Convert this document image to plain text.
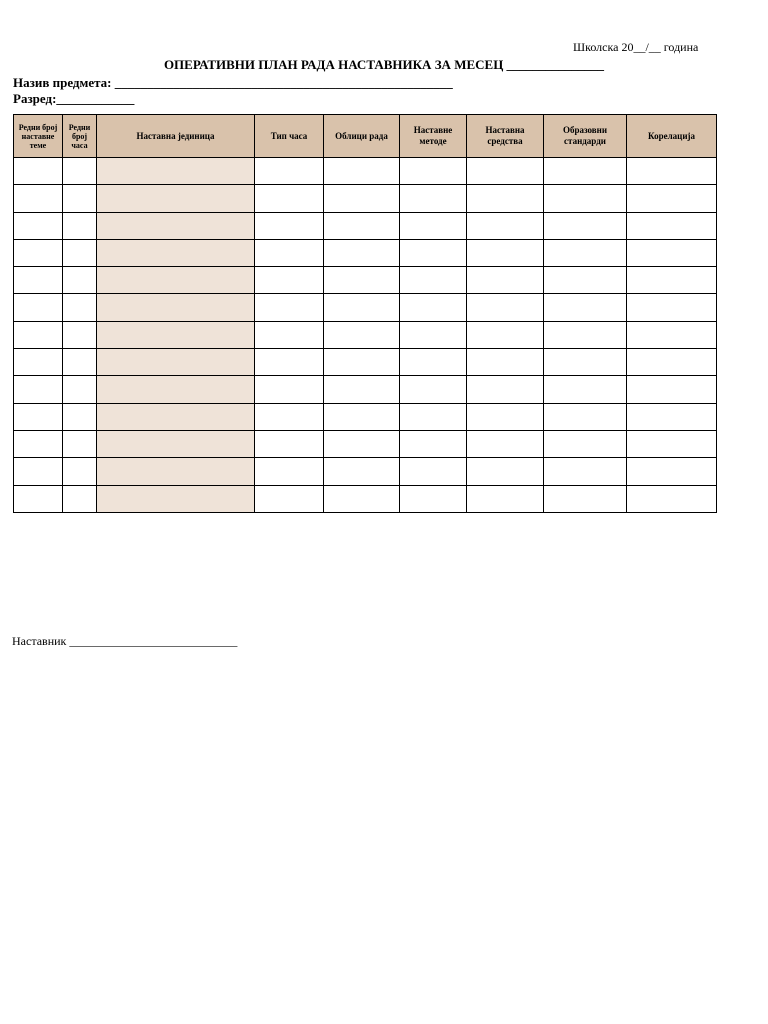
Школска 20__/__ година
ОПЕРАТИВНИ ПЛАН РАДА НАСТАВНИКА ЗА МЕСЕЦ _______________
Назив предмета: ____________________________________________________
Разред:____________
Редни број наставне теме	Редни број часа	Наставна јединица	Тип часа	Облици рада	Наставне методе	Наставна средства	Образовни стандарди	Корелација

Наставник ____________________________
